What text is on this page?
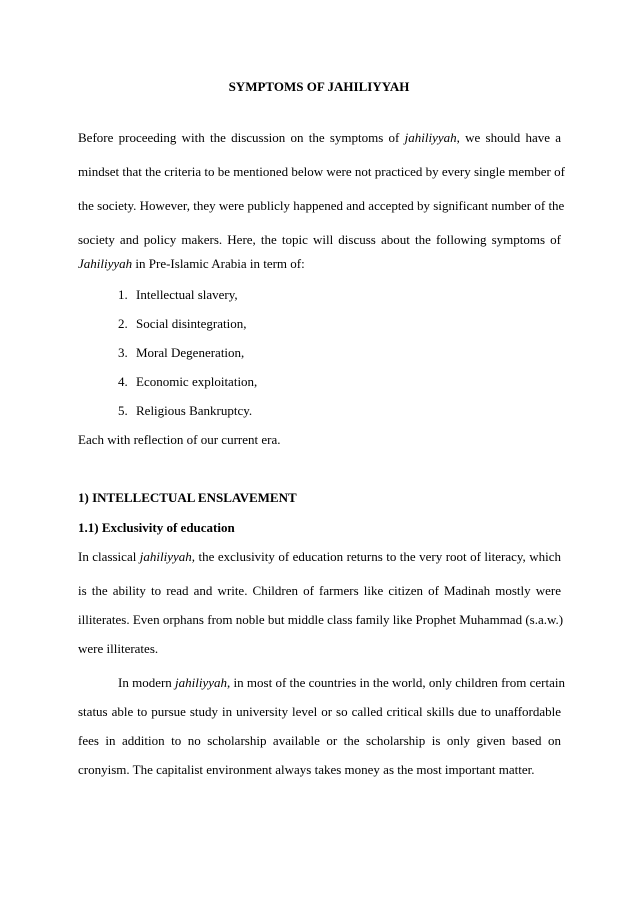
SYMPTOMS OF JAHILIYYAH
Before proceeding with the discussion on the symptoms of jahiliyyah, we should have a
mindset that the criteria to be mentioned below were not practiced by every single member of
the society. However, they were publicly happened and accepted by significant number of the
society and policy makers. Here, the topic will discuss about the following symptoms of
Jahiliyyah in Pre-Islamic Arabia in term of:
1. Intellectual slavery,
2. Social disintegration,
3. Moral Degeneration,
4. Economic exploitation,
5. Religious Bankruptcy.
Each with reflection of our current era.
1) INTELLECTUAL ENSLAVEMENT
1.1) Exclusivity of education
In classical jahiliyyah, the exclusivity of education returns to the very root of literacy, which
is the ability to read and write. Children of farmers like citizen of Madinah mostly were
illiterates. Even orphans from noble but middle class family like Prophet Muhammad (s.a.w.)
were illiterates.
In modern jahiliyyah, in most of the countries in the world, only children from certain
status able to pursue study in university level or so called critical skills due to unaffordable
fees in addition to no scholarship available or the scholarship is only given based on
cronyism. The capitalist environment always takes money as the most important matter.
